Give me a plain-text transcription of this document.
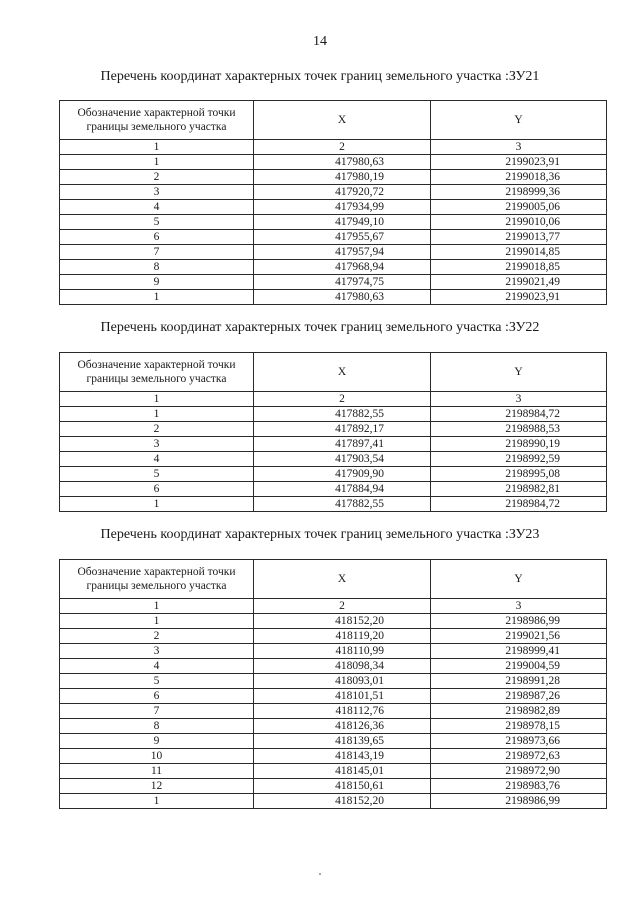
14
Перечень координат характерных точек границ земельного участка :ЗУ21
Обозначение характерной точки границы земельного участка	X	Y
1	2	3
1	417980,63	2199023,91
2	417980,19	2199018,36
3	417920,72	2198999,36
4	417934,99	2199005,06
5	417949,10	2199010,06
6	417955,67	2199013,77
7	417957,94	2199014,85
8	417968,94	2199018,85
9	417974,75	2199021,49
1	417980,63	2199023,91
Перечень координат характерных точек границ земельного участка :ЗУ22
Обозначение характерной точки границы земельного участка	X	Y
1	2	3
1	417882,55	2198984,72
2	417892,17	2198988,53
3	417897,41	2198990,19
4	417903,54	2198992,59
5	417909,90	2198995,08
6	417884,94	2198982,81
1	417882,55	2198984,72
Перечень координат характерных точек границ земельного участка :ЗУ23
Обозначение характерной точки границы земельного участка	X	Y
1	2	3
1	418152,20	2198986,99
2	418119,20	2199021,56
3	418110,99	2198999,41
4	418098,34	2199004,59
5	418093,01	2198991,28
6	418101,51	2198987,26
7	418112,76	2198982,89
8	418126,36	2198978,15
9	418139,65	2198973,66
10	418143,19	2198972,63
11	418145,01	2198972,90
12	418150,61	2198983,76
1	418152,20	2198986,99
